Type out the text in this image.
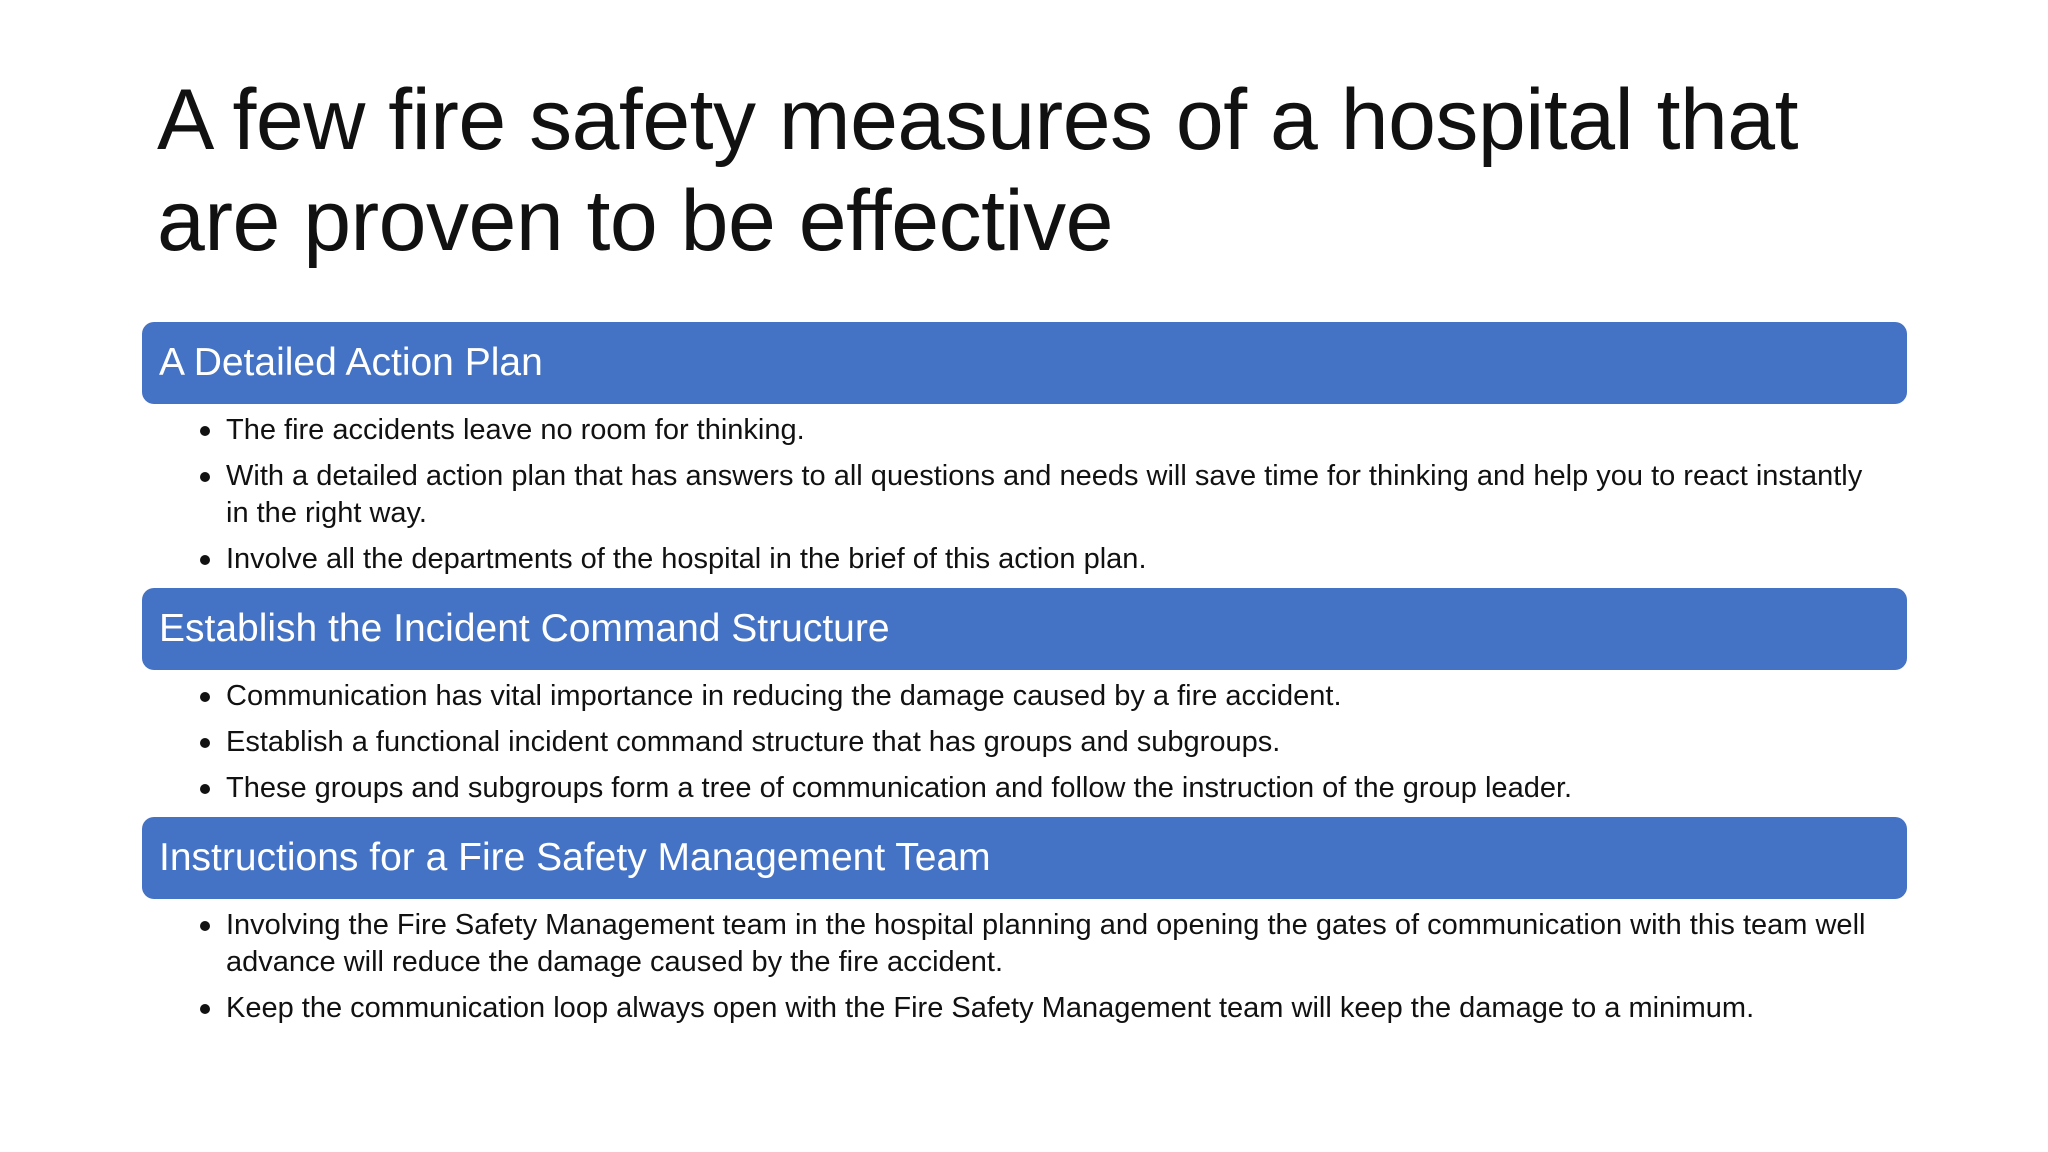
A few fire safety measures of a hospital that are proven to be effective
A Detailed Action Plan
The fire accidents leave no room for thinking.
With a detailed action plan that has answers to all questions and needs will save time for thinking and help you to react instantly in the right way.
Involve all the departments of the hospital in the brief of this action plan.
Establish the Incident Command Structure
Communication has vital importance in reducing the damage caused by a fire accident.
Establish a functional incident command structure that has groups and subgroups.
These groups and subgroups form a tree of communication and follow the instruction of the group leader.
Instructions for a Fire Safety Management Team
Involving the Fire Safety Management team in the hospital planning and opening the gates of communication with this team well advance will reduce the damage caused by the fire accident.
Keep the communication loop always open with the Fire Safety Management team will keep the damage to a minimum.
